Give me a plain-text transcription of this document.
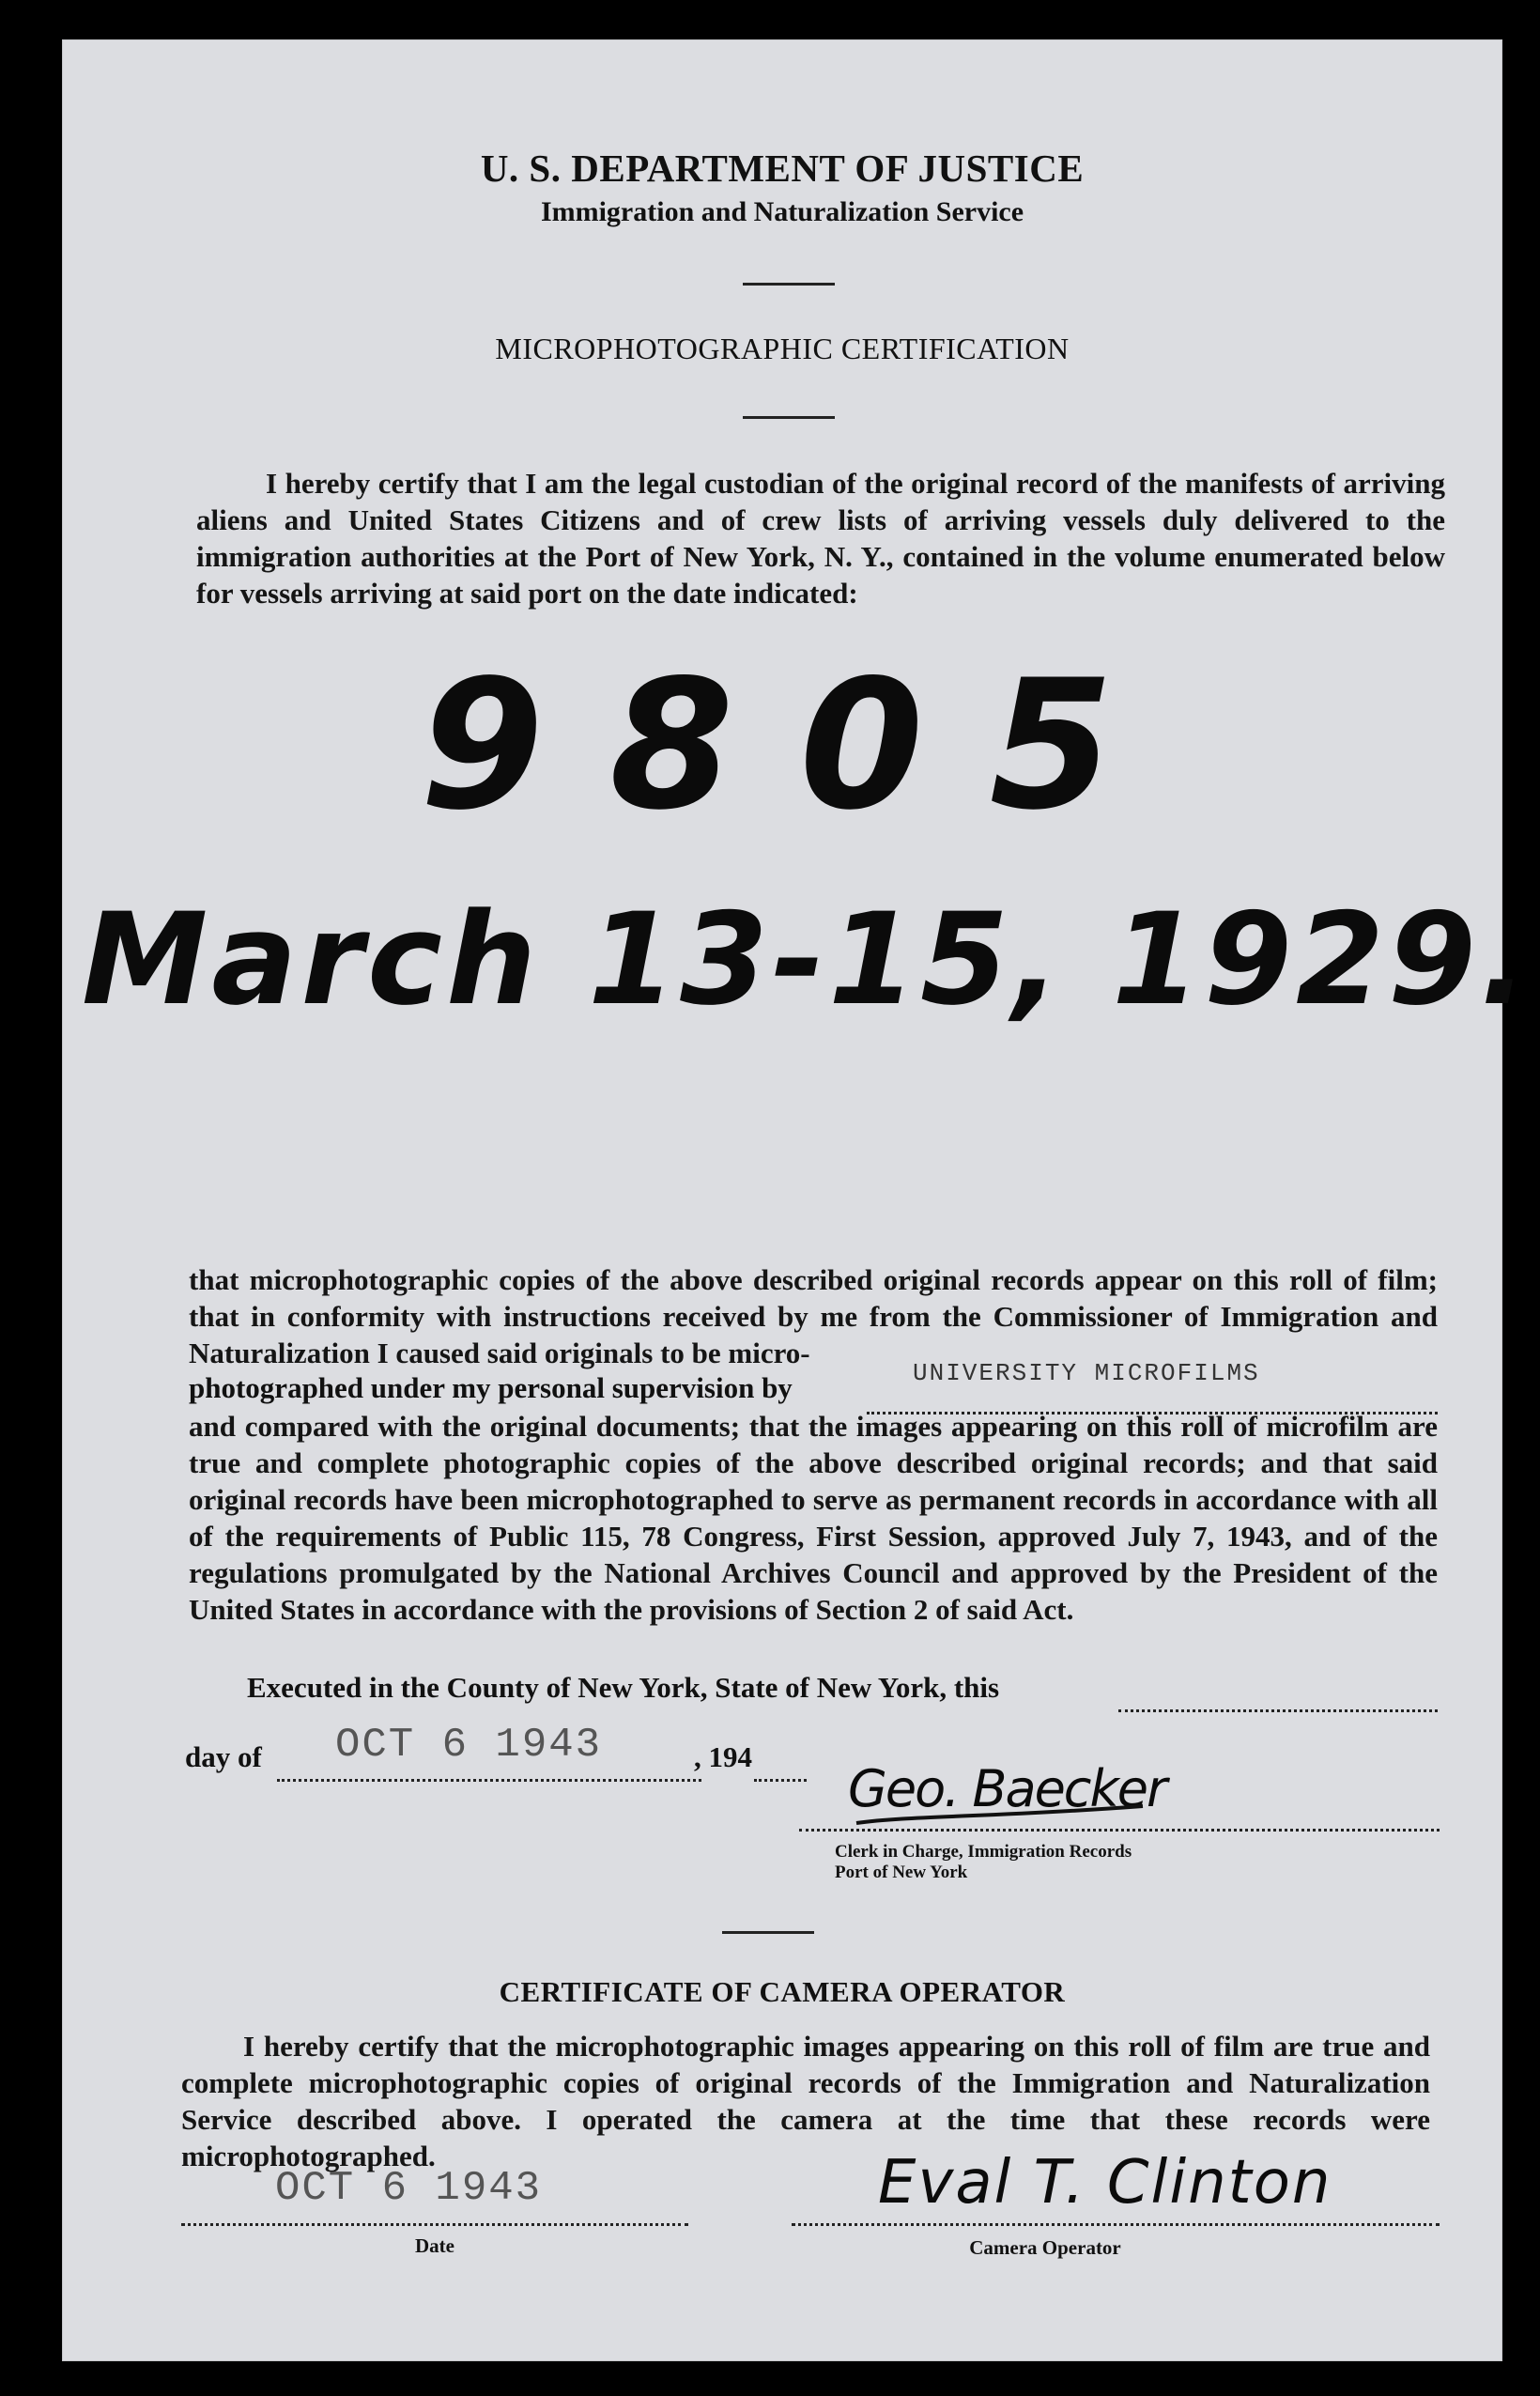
U. S. DEPARTMENT OF JUSTICE
Immigration and Naturalization Service
MICROPHOTOGRAPHIC CERTIFICATION
I hereby certify that I am the legal custodian of the original record of the manifests of arriving aliens and United States Citizens and of crew lists of arriving vessels duly delivered to the immigration authorities at the Port of New York, N. Y., contained in the volume enumerated below for vessels arriving at said port on the date indicated:
9805
March 13-15, 1929.
that microphotographic copies of the above described original records appear on this roll of film; that in conformity with instructions received by me from the Commissioner of Immigration and Naturalization I caused said originals to be micro-
photographed under my personal supervision by	UNIVERSITY MICROFILMS
and compared with the original documents; that the images appearing on this roll of microfilm are true and complete photographic copies of the above described original records; and that said original records have been microphotographed to serve as permanent records in accordance with all of the requirements of Public 115, 78 Congress, First Session, approved July 7, 1943, and of the regulations promulgated by the National Archives Council and approved by the President of the United States in accordance with the provisions of Section 2 of said Act.
Executed in the County of New York, State of New York, this
day of OCT 6 1943	, 194
Geo. Baecker
Clerk in Charge, Immigration Records
Port of New York
CERTIFICATE OF CAMERA OPERATOR
I hereby certify that the microphotographic images appearing on this roll of film are true and complete microphotographic copies of original records of the Immigration and Naturalization Service described above. I operated the camera at the time that these records were microphotographed.
OCT 6 1943
Date
Eval T. Clinton
Camera Operator
